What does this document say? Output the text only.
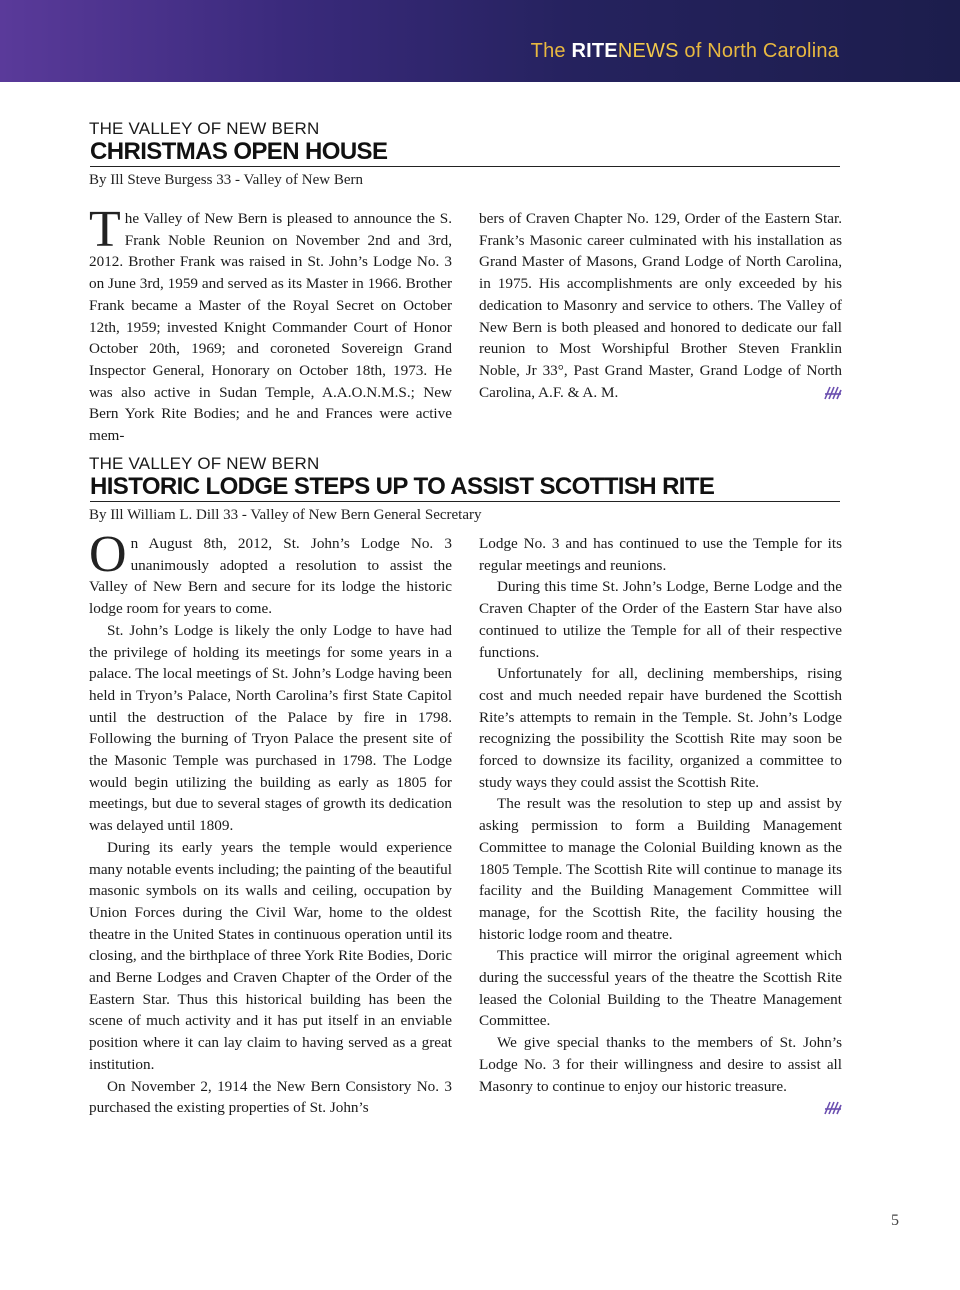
The RITENEWS of North Carolina
THE VALLEY OF NEW BERN
CHRISTMAS OPEN HOUSE
By Ill Steve Burgess 33 - Valley of New Bern

The Valley of New Bern is pleased to announce the S. Frank Noble Reunion on November 2nd and 3rd, 2012. Brother Frank was raised in St. John’s Lodge No. 3 on June 3rd, 1959 and served as its Master in 1966. Brother Frank became a Master of the Royal Secret on October 12th, 1959; invested Knight Commander Court of Honor October 20th, 1969; and coroneted Sovereign Grand Inspector General, Honorary on October 18th, 1973. He was also active in Sudan Temple, A.A.O.N.M.S.; New Bern York Rite Bodies; and he and Frances were active mem-

bers of Craven Chapter No. 129, Order of the Eastern Star. Frank’s Masonic career culminated with his installation as Grand Master of Masons, Grand Lodge of North Carolina, in 1975. His accomplishments are only exceeded by his dedication to Masonry and service to others. The Valley of New Bern is both pleased and honored to dedicate our fall reunion to Most Worshipful Brother Steven Franklin Noble, Jr 33°, Past Grand Master, Grand Lodge of North Carolina, A.F. & A. M.

THE VALLEY OF NEW BERN
HISTORIC LODGE STEPS UP TO ASSIST SCOTTISH RITE
By Ill William L. Dill 33 - Valley of New Bern General Secretary

On August 8th, 2012, St. John’s Lodge No. 3 unanimously adopted a resolution to assist the Valley of New Bern and secure for its lodge the historic lodge room for years to come.

St. John’s Lodge is likely the only Lodge to have had the privilege of holding its meetings for some years in a palace. The local meetings of St. John’s Lodge having been held in Tryon’s Palace, North Carolina’s first State Capitol until the destruction of the Palace by fire in 1798. Following the burning of Tryon Palace the present site of the Masonic Temple was purchased in 1798. The Lodge would begin utilizing the building as early as 1805 for meetings, but due to several stages of growth its dedication was delayed until 1809.

During its early years the temple would experience many notable events including; the painting of the beautiful masonic symbols on its walls and ceiling, occupation by Union Forces during the Civil War, home to the oldest theatre in the United States in continuous operation until its closing, and the birthplace of three York Rite Bodies, Doric and Berne Lodges and Craven Chapter of the Order of the Eastern Star. Thus this historical building has been the scene of much activity and it has put itself in an enviable position where it can lay claim to having served as a great institution.

On November 2, 1914 the New Bern Consistory No. 3 purchased the existing properties of St. John’s

Lodge No. 3 and has continued to use the Temple for its regular meetings and reunions.

During this time St. John’s Lodge, Berne Lodge and the Craven Chapter of the Order of the Eastern Star have also continued to utilize the Temple for all of their respective functions.

Unfortunately for all, declining memberships, rising cost and much needed repair have burdened the Scottish Rite’s attempts to remain in the Temple. St. John’s Lodge recognizing the possibility the Scottish Rite may soon be forced to downsize its facility, organized a committee to study ways they could assist the Scottish Rite.

The result was the resolution to step up and assist by asking permission to form a Building Management Committee to manage the Colonial Building known as the 1805 Temple. The Scottish Rite will continue to manage its facility and the Building Management Committee will manage, for the Scottish Rite, the facility housing the historic lodge room and theatre.

This practice will mirror the original agreement which during the successful years of the theatre the Scottish Rite leased the Colonial Building to the Theatre Management Committee.

We give special thanks to the members of St. John’s Lodge No. 3 for their willingness and desire to assist all Masonry to continue to enjoy our historic treasure.

5
